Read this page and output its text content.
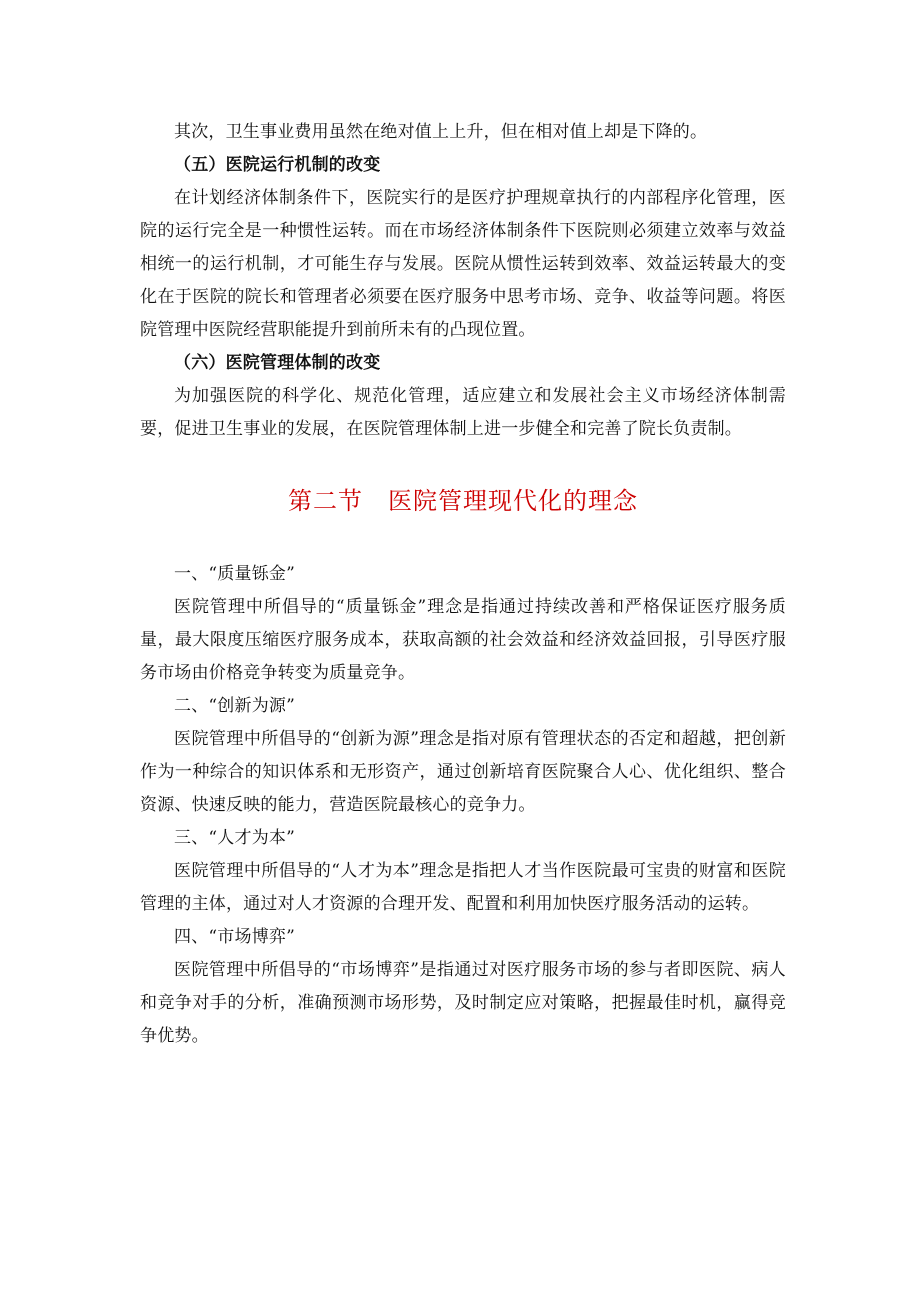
其次，卫生事业费用虽然在绝对值上上升，但在相对值上却是下降的。

（五）医院运行机制的改变

在计划经济体制条件下，医院实行的是医疗护理规章执行的内部程序化管理，医院的运行完全是一种惯性运转。而在市场经济体制条件下医院则必须建立效率与效益相统一的运行机制，才可能生存与发展。医院从惯性运转到效率、效益运转最大的变化在于医院的院长和管理者必须要在医疗服务中思考市场、竞争、收益等问题。将医院管理中医院经营职能提升到前所未有的凸现位置。

（六）医院管理体制的改变

为加强医院的科学化、规范化管理，适应建立和发展社会主义市场经济体制需要，促进卫生事业的发展，在医院管理体制上进一步健全和完善了院长负责制。

第二节　医院管理现代化的理念

一、“质量铄金”

医院管理中所倡导的“质量铄金”理念是指通过持续改善和严格保证医疗服务质量，最大限度压缩医疗服务成本，获取高额的社会效益和经济效益回报，引导医疗服务市场由价格竞争转变为质量竞争。

二、“创新为源”

医院管理中所倡导的“创新为源”理念是指对原有管理状态的否定和超越，把创新作为一种综合的知识体系和无形资产，通过创新培育医院聚合人心、优化组织、整合资源、快速反映的能力，营造医院最核心的竞争力。

三、“人才为本”

医院管理中所倡导的“人才为本”理念是指把人才当作医院最可宝贵的财富和医院管理的主体，通过对人才资源的合理开发、配置和利用加快医疗服务活动的运转。

四、“市场博弈”

医院管理中所倡导的“市场博弈”是指通过对医疗服务市场的参与者即医院、病人和竞争对手的分析，准确预测市场形势，及时制定应对策略，把握最佳时机，赢得竞争优势。
